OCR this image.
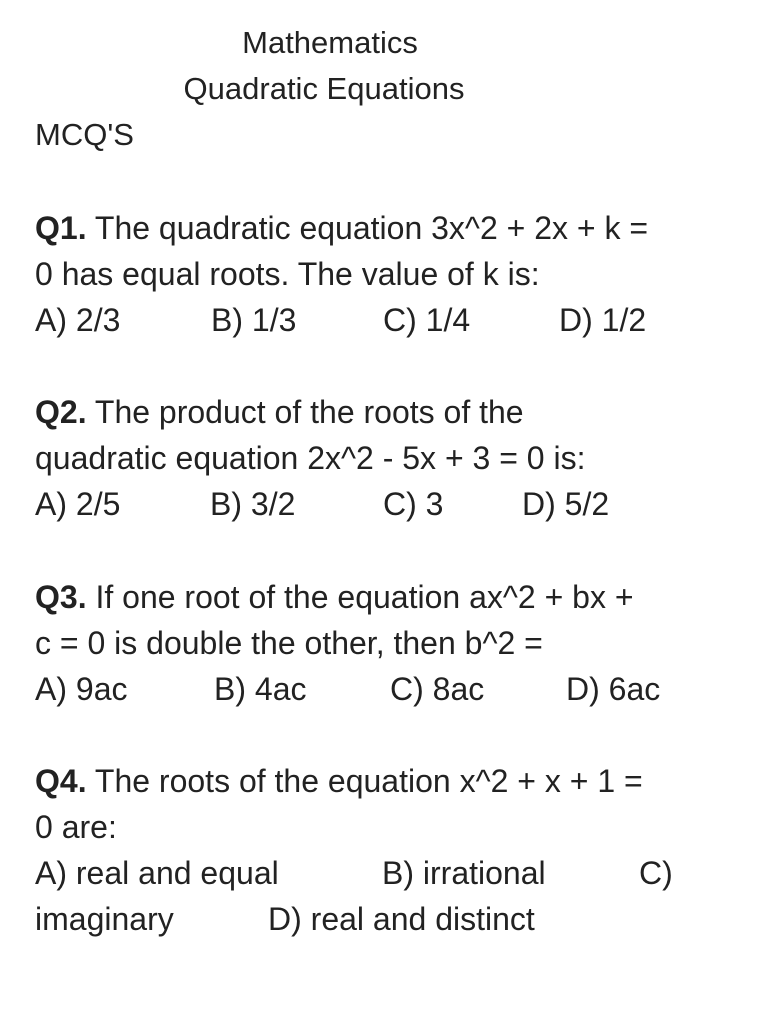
Mathematics
Quadratic Equations
MCQ'S
Q1. The quadratic equation 3x^2 + 2x + k =
0 has equal roots. The value of k is:
A) 2/3	B) 1/3	C) 1/4	D) 1/2
Q2. The product of the roots of the
quadratic equation 2x^2 - 5x + 3 = 0 is:
A) 2/5	B) 3/2	C) 3 D) 5/2
Q3. If one root of the equation ax^2 + bx +
c = 0 is double the other, then b^2 =
A) 9ac	B) 4ac	C) 8ac	D) 6ac
Q4. The roots of the equation x^2 + x + 1 =
0 are:
A) real and equal	B) irrational	C)
imaginary	D) real and distinct
